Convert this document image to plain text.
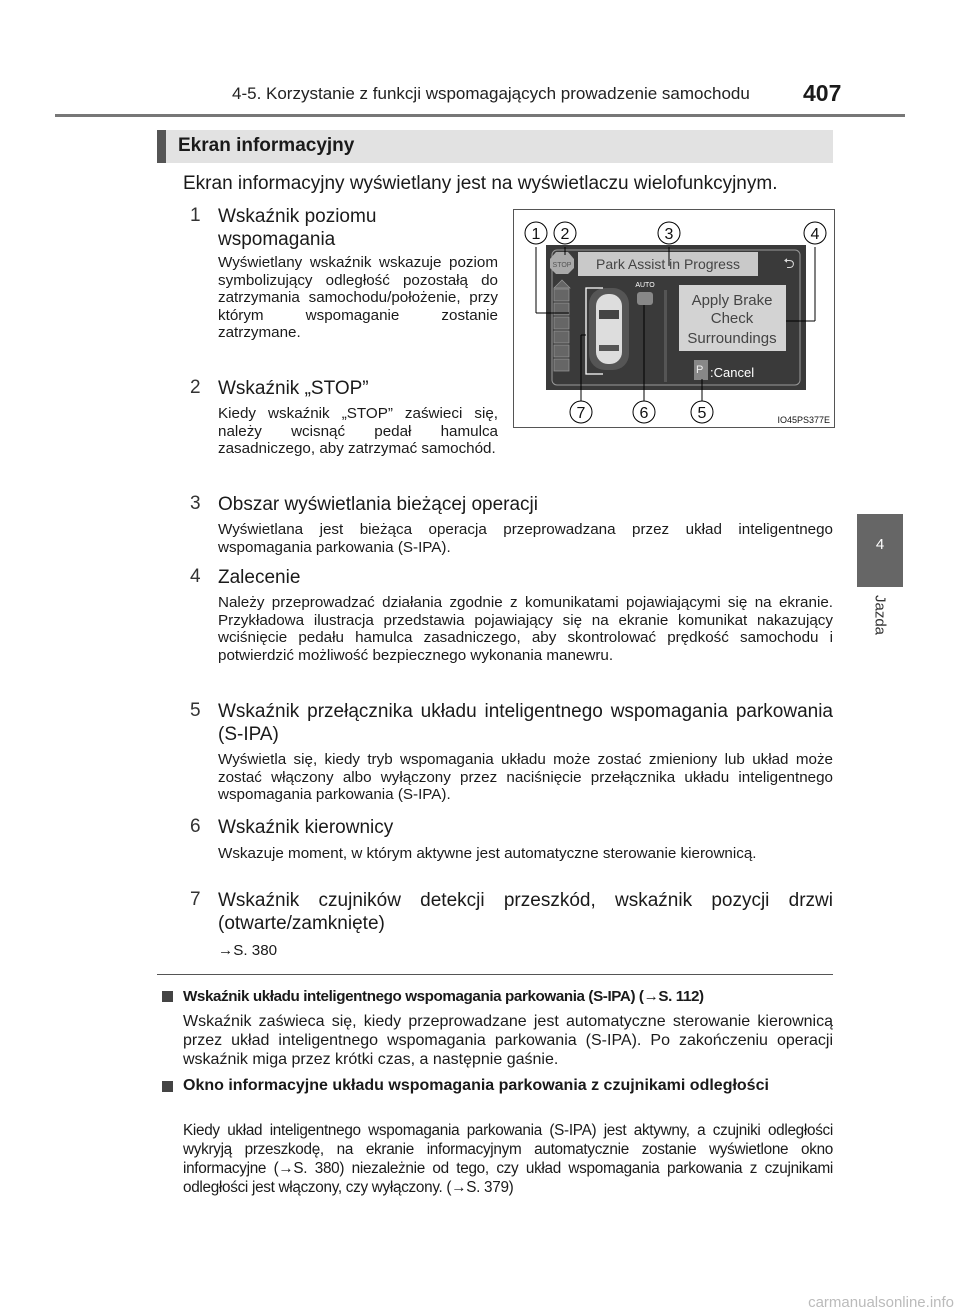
4-5. Korzystanie z funkcji wspomagających prowadzenie samochodu 407
4
Jazda
Ekran informacyjny
Ekran informacyjny wyświetlany jest na wyświetlaczu wielofunkcyjnym.
1 Wskaźnik poziomu wspomagania
Wyświetlany wskaźnik wskazuje poziom symbolizujący odległość pozostałą do zatrzymania samochodu/położenie, przy którym wspomaganie zostanie zatrzymane.
2 Wskaźnik „STOP”
Kiedy wskaźnik „STOP” zaświeci się, należy wcisnąć pedał hamulca zasadniczego, aby zatrzymać samochód.
3 Obszar wyświetlania bieżącej operacji
Wyświetlana jest bieżąca operacja przeprowadzana przez układ inteligentnego wspomagania parkowania (S-IPA).
4 Zalecenie
Należy przeprowadzać działania zgodnie z komunikatami pojawiającymi się na ekranie. Przykładowa ilustracja przedstawia pojawiający się na ekranie komunikat nakazujący wciśnięcie pedału hamulca zasadniczego, aby skontrolować prędkość samochodu i potwierdzić możliwość bezpiecznego wykonania manewru.
5 Wskaźnik przełącznika układu inteligentnego wspomagania parkowania (S-IPA)
Wyświetla się, kiedy tryb wspomagania układu może zostać zmieniony lub układ może zostać włączony albo wyłączony przez naciśnięcie przełącznika układu inteligentnego wspomagania parkowania (S-IPA).
6 Wskaźnik kierownicy
Wskazuje moment, w którym aktywne jest automatyczne sterowanie kierownicą.
7 Wskaźnik czujników detekcji przeszkód, wskaźnik pozycji drzwi (otwarte/zamknięte)
→S. 380
STOP Park Assist in Progress	⮌
AUTO
Apply Brake
Check
Surroundings
P :Cancel
1 2	3	4
5
6
7	IO45PS377E
Wskaźnik układu inteligentnego wspomagania parkowania (S-IPA) (→S. 112)
Wskaźnik zaświeca się, kiedy przeprowadzane jest automatyczne sterowanie kierownicą przez układ inteligentnego wspomagania parkowania (S-IPA). Po zakończeniu operacji wskaźnik miga przez krótki czas, a następnie gaśnie.
Okno informacyjne układu wspomagania parkowania z czujnikami odległości
Kiedy układ inteligentnego wspomagania parkowania (S-IPA) jest aktywny, a czujniki odległości wykryją przeszkodę, na ekranie informacyjnym automatycznie zostanie wyświetlone okno informacyjne (→S. 380) niezależnie od tego, czy układ wspomagania parkowania z czujnikami odległości jest włączony, czy wyłączony. (→S. 379)
carmanualsonline.info
